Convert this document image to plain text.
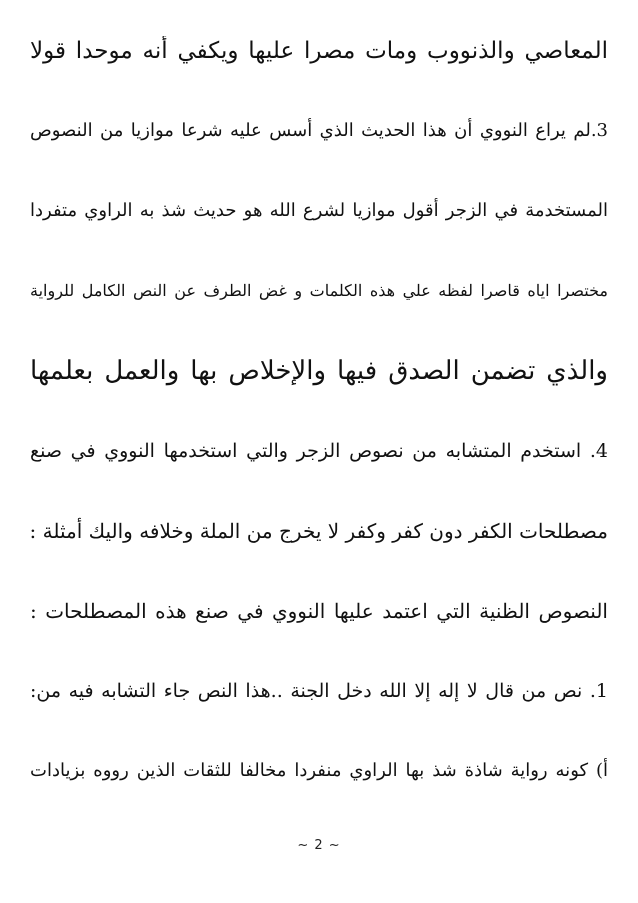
المعاصي والذنووب ومات مصرا عليها ويكفي أنه موحدا قولا
3.لم يراع النووي أن هذا الحديث الذي أسس عليه شرعا موازيا من النصوص
المستخدمة في الزجر أقول موازيا لشرع الله هو حديث شذ به الراوي متفردا
مختصرا اياه قاصرا لفظه علي هذه الكلمات و غض الطرف عن النص الكامل للرواية
والذي تضمن الصدق فيها والإخلاص بها والعمل بعلمها
4. استخدم المتشابه من نصوص الزجر والتي استخدمها النووي في صنع
مصطلحات الكفر دون كفر وكفر لا يخرج من الملة وخلافه واليك أمثلة :
النصوص الظنية التي اعتمد عليها النووي في صنع هذه المصطلحات :
1. نص من قال لا إله إلا الله دخل الجنة ..هذا النص جاء التشابه فيه من:
أ) كونه رواية شاذة شذ بها الراوي منفردا مخالفا للثقات الذين رووه بزيادات
~ 2 ~
